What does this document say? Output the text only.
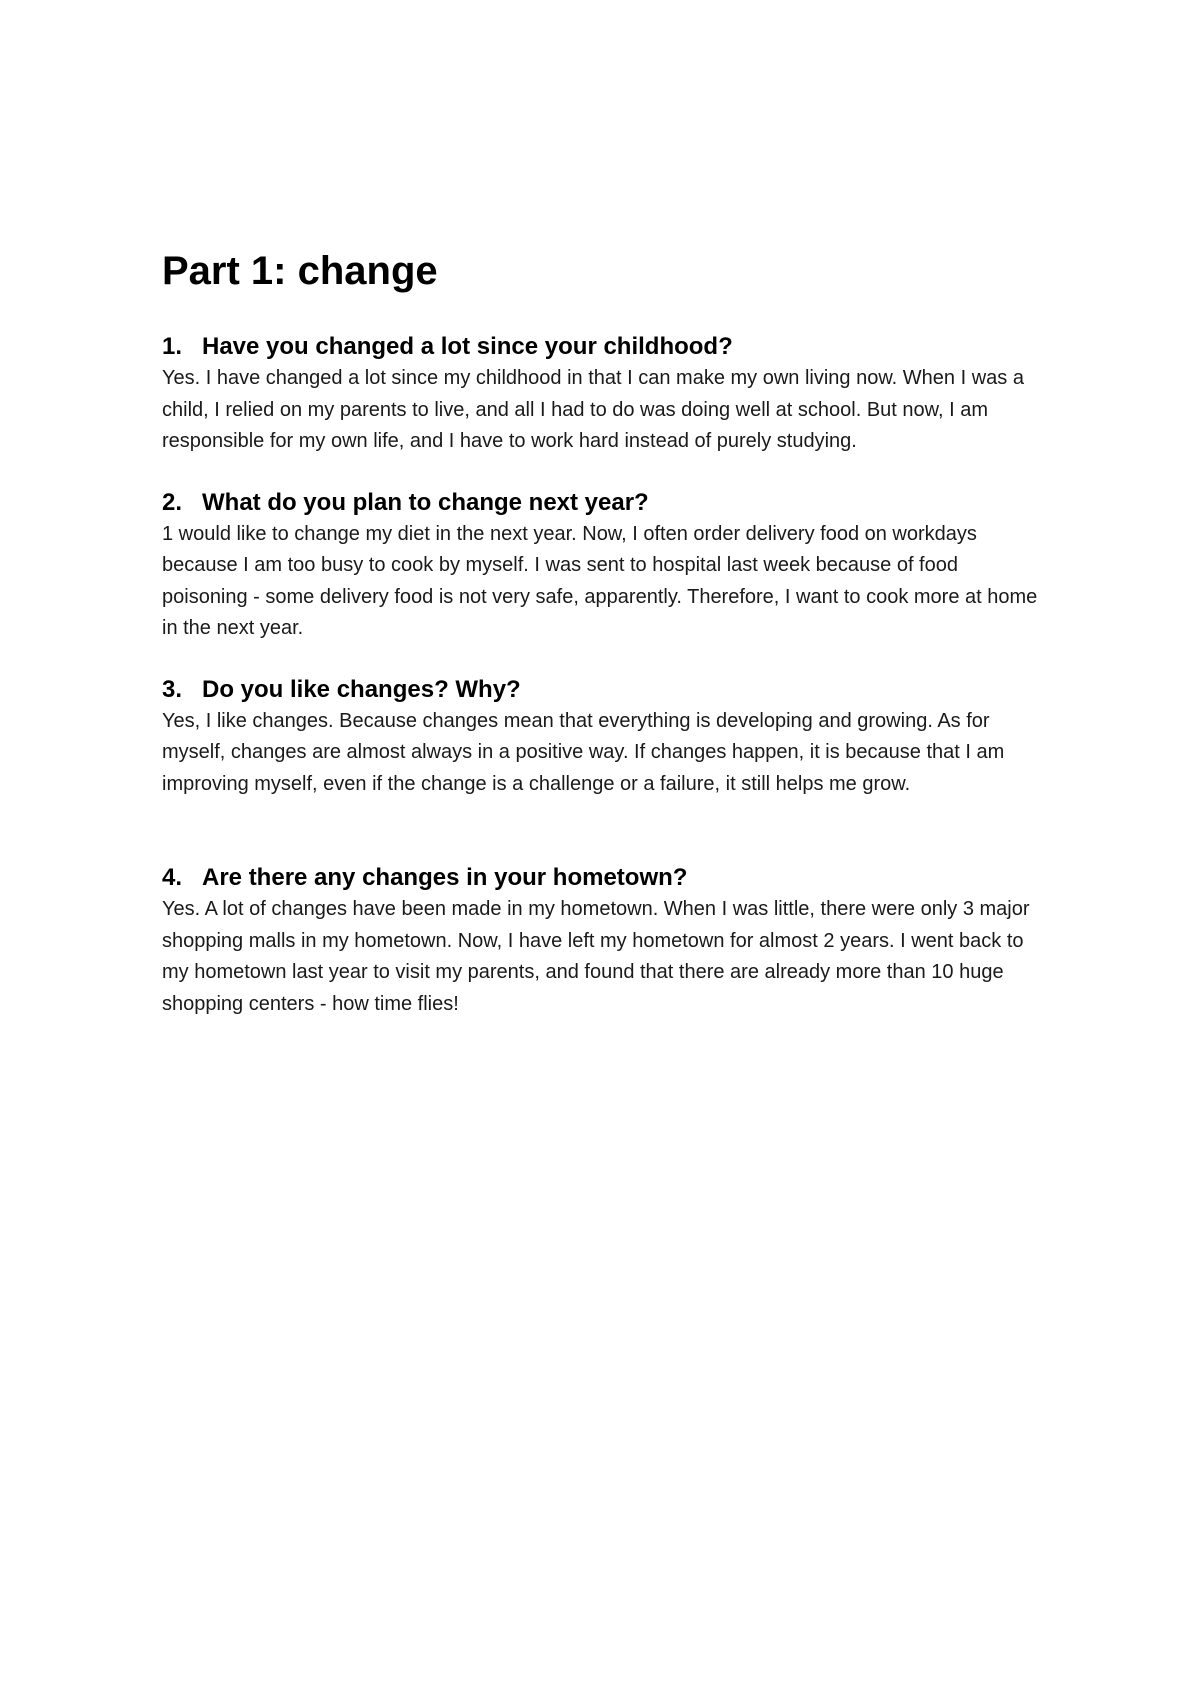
Part 1: change
1. Have you changed a lot since your childhood?

Yes. I have changed a lot since my childhood in that I can make my own living now. When I was a child, I relied on my parents to live, and all I had to do was doing well at school. But now, I am responsible for my own life, and I have to work hard instead of purely studying.

2. What do you plan to change next year?

1 would like to change my diet in the next year. Now, I often order delivery food on workdays because I am too busy to cook by myself. I was sent to hospital last week because of food poisoning - some delivery food is not very safe, apparently. Therefore, I want to cook more at home in the next year.

3. Do you like changes? Why?

Yes, I like changes. Because changes mean that everything is developing and growing. As for myself, changes are almost always in a positive way. If changes happen, it is because that I am improving myself, even if the change is a challenge or a failure, it still helps me grow.

4. Are there any changes in your hometown?

Yes. A lot of changes have been made in my hometown. When I was little, there were only 3 major shopping malls in my hometown. Now, I have left my hometown for almost 2 years. I went back to my hometown last year to visit my parents, and found that there are already more than 10 huge shopping centers - how time flies!
